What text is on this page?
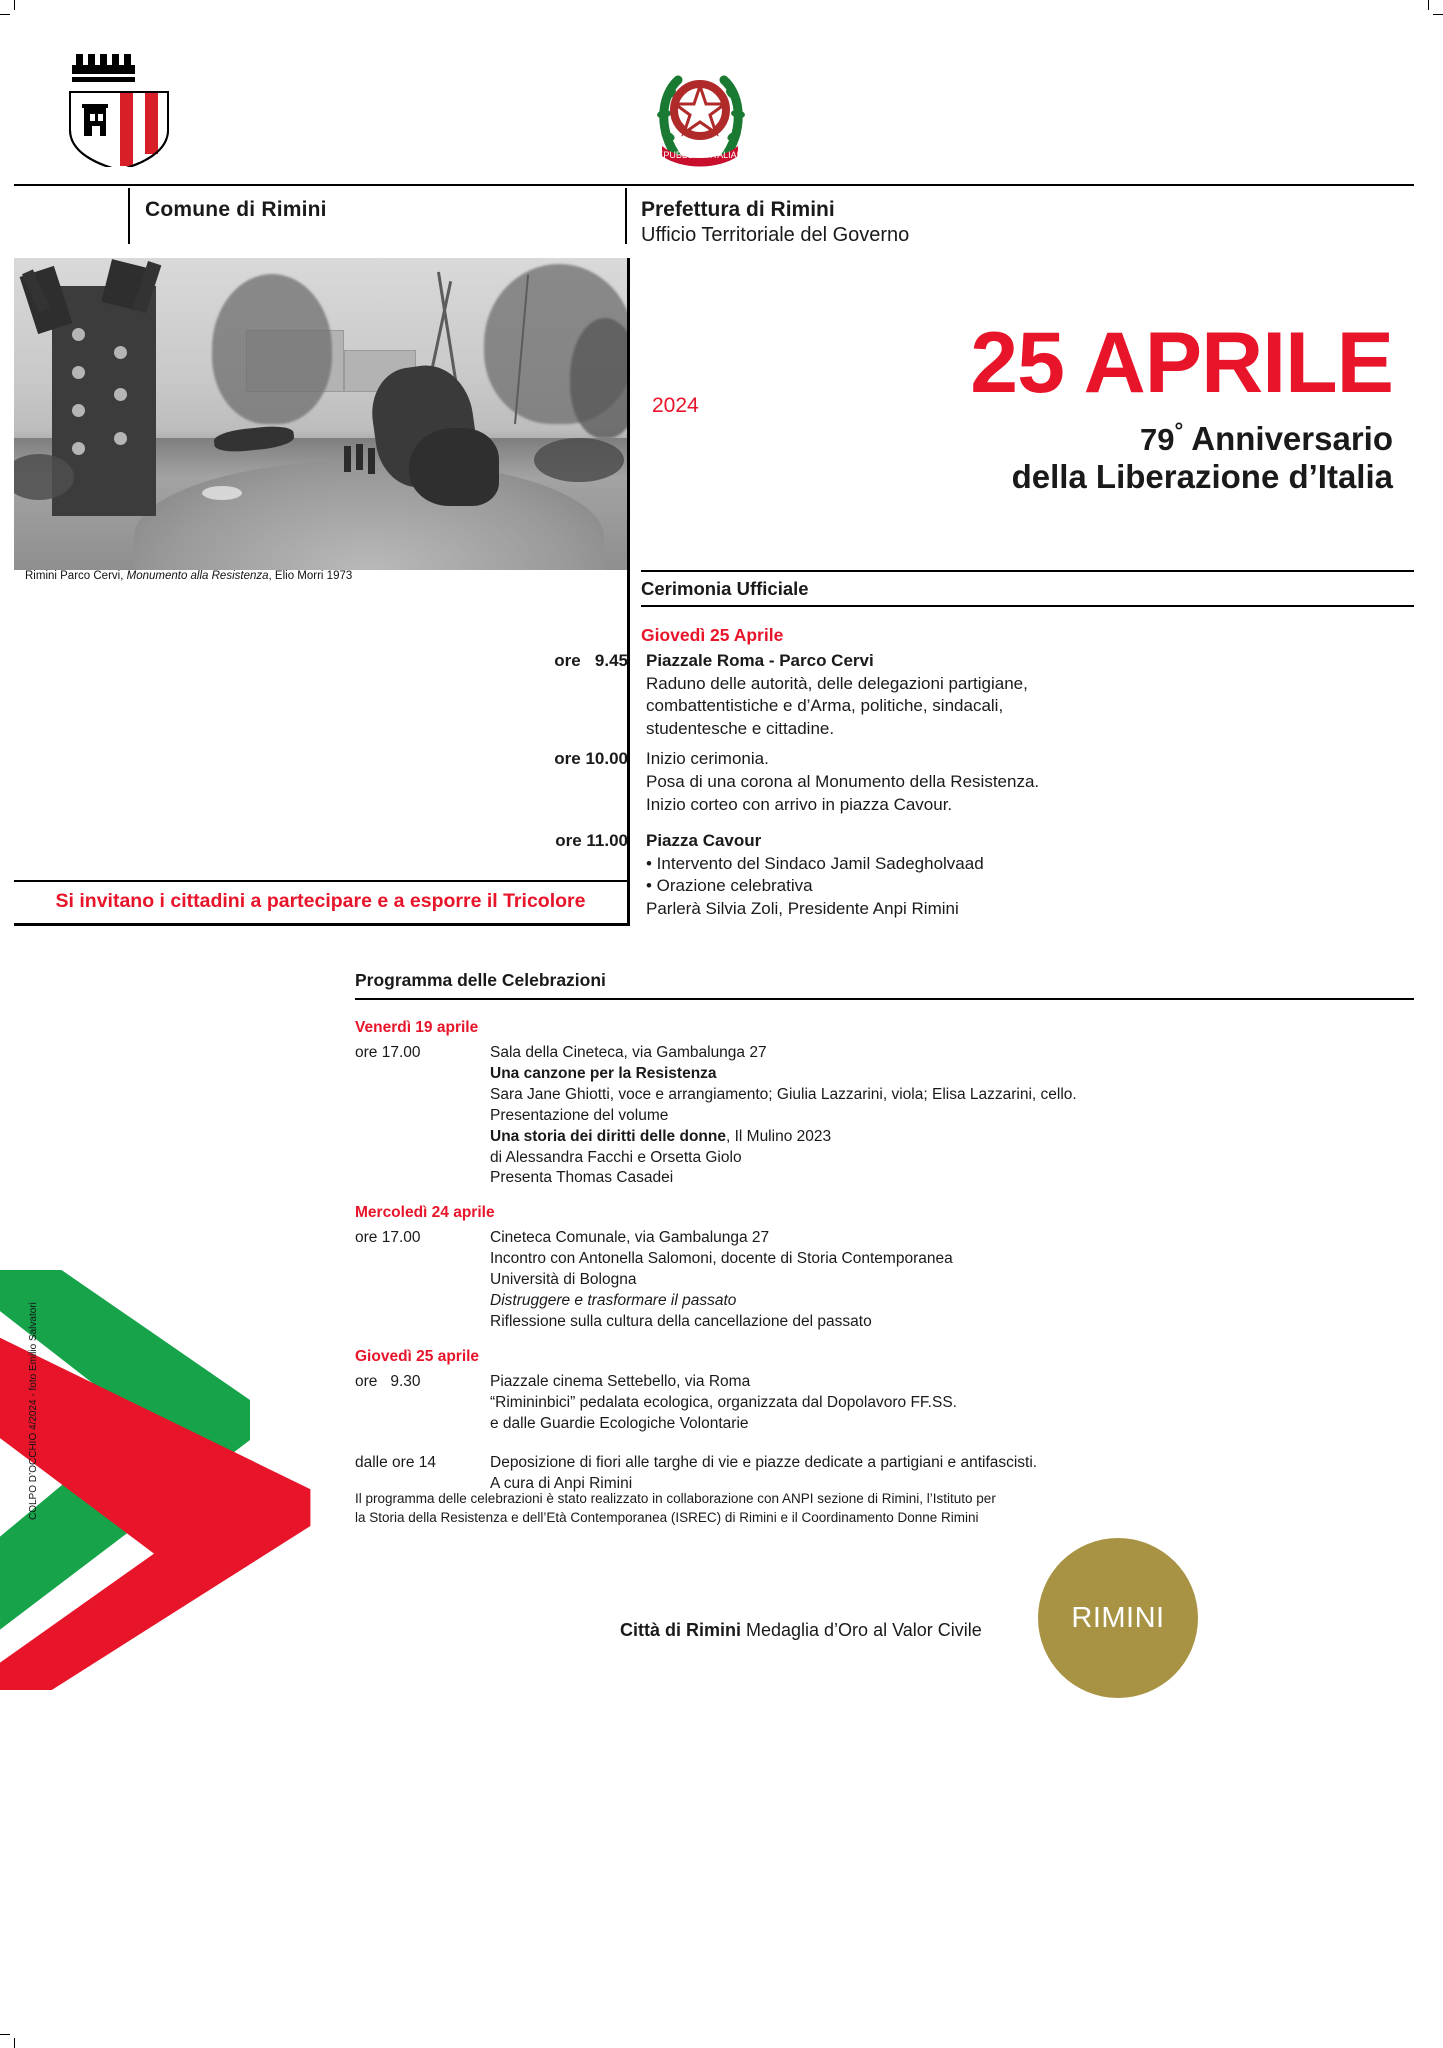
REPUBBLICA ITALIANA
Comune di Rimini	Prefettura di Rimini
Ufficio Territoriale del Governo
Rimini Parco Cervi, Monumento alla Resistenza, Elio Morri 1973
25 APRILE
2024
79° Anniversario
della Liberazione d’Italia
Cerimonia Ufficiale
Giovedì 25 Aprile
ore   9.45	Piazzale Roma - Parco Cervi
Raduno delle autorità, delle delegazioni partigiane,
combattentistiche e d’Arma, politiche, sindacali,
studentesche e cittadine.
ore 10.00	Inizio cerimonia.
Posa di una corona al Monumento della Resistenza.
Inizio corteo con arrivo in piazza Cavour.
ore 11.00	Piazza Cavour
• Intervento del Sindaco Jamil Sadegholvaad
• Orazione celebrativa
Parlerà Silvia Zoli, Presidente Anpi Rimini
Si invitano i cittadini a partecipare e a esporre il Tricolore
Programma delle Celebrazioni
Venerdì 19 aprile
ore 17.00	Sala della Cineteca, via Gambalunga 27
Una canzone per la Resistenza
Sara Jane Ghiotti, voce e arrangiamento; Giulia Lazzarini, viola; Elisa Lazzarini, cello.
Presentazione del volume
Una storia dei diritti delle donne, Il Mulino 2023
di Alessandra Facchi e Orsetta Giolo
Presenta Thomas Casadei
Mercoledì 24 aprile
ore 17.00	Cineteca Comunale, via Gambalunga 27
Incontro con Antonella Salomoni, docente di Storia Contemporanea
Università di Bologna
Distruggere e trasformare il passato
Riflessione sulla cultura della cancellazione del passato
Giovedì 25 aprile
ore   9.30	Piazzale cinema Settebello, via Roma
“Rimininbici” pedalata ecologica, organizzata dal Dopolavoro FF.SS.
e dalle Guardie Ecologiche Volontarie
dalle ore 14	Deposizione di fiori alle targhe di vie e piazze dedicate a partigiani e antifascisti.
A cura di Anpi Rimini
Il programma delle celebrazioni è stato realizzato in collaborazione con ANPI sezione di Rimini, l’Istituto per
la Storia della Resistenza e dell’Età Contemporanea (ISREC) di Rimini e il Coordinamento Donne Rimini
Città di Rimini Medaglia d’Oro al Valor Civile	RIMINI
COLPO D’OCCHIO 4/2024 - foto Emilio Salvatori
